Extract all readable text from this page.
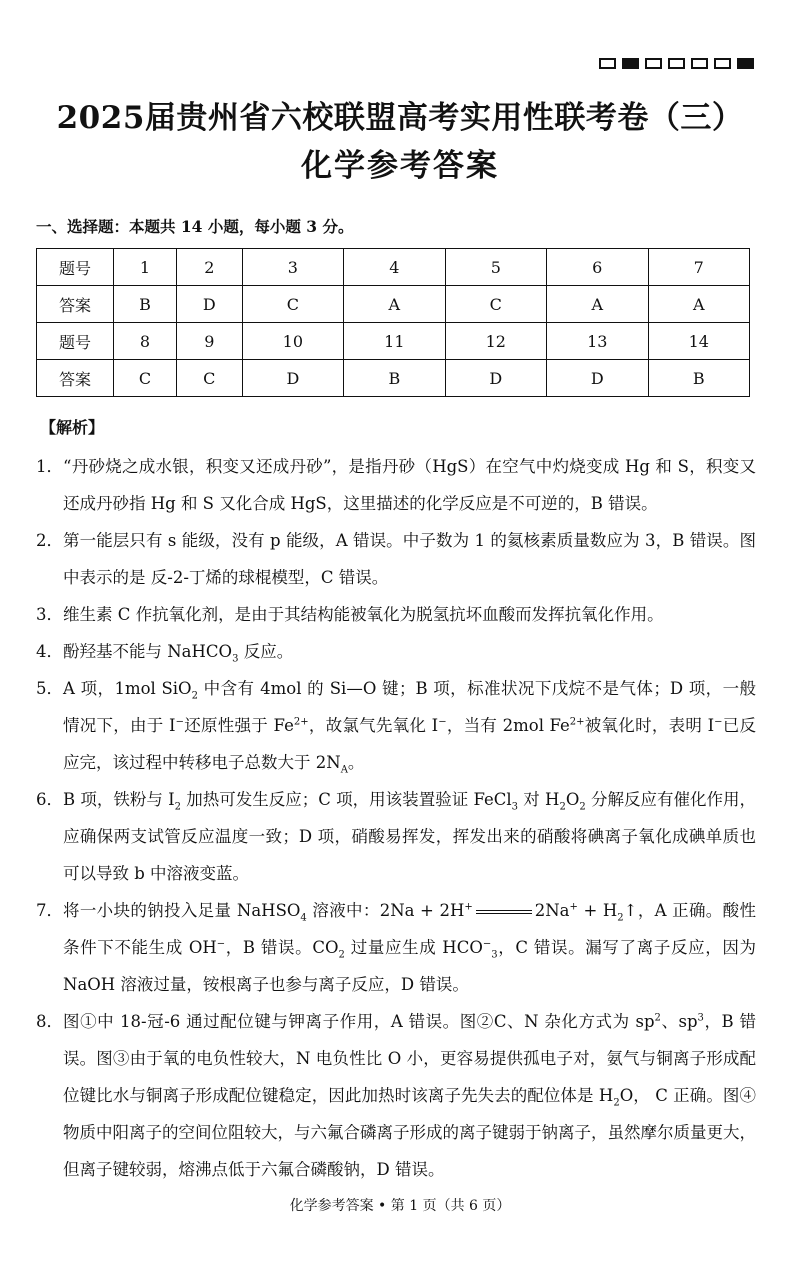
2025届贵州省六校联盟高考实用性联考卷（三）
化学参考答案
一、选择题：本题共 14 小题，每小题 3 分。
题号	1	2	3	4	5	6	7
答案	B	D	C	A	C	A	A
题号	8	9	10	11	12	13	14
答案	C	C	D	B	D	D	B
【解析】
1． “丹砂烧之成水银，积变又还成丹砂”，是指丹砂（HgS）在空气中灼烧变成 Hg 和 S，积变又还成丹砂指 Hg 和 S 又化合成 HgS，这里描述的化学反应是不可逆的，B 错误。
2． 第一能层只有 s 能级，没有 p 能级，A 错误。中子数为 1 的氦核素质量数应为 3，B 错误。图中表示的是 反-2-丁烯的球棍模型，C 错误。
3． 维生素 C 作抗氧化剂，是由于其结构能被氧化为脱氢抗坏血酸而发挥抗氧化作用。
4． 酚羟基不能与 NaHCO$_3$ 反应。
5． A 项，1mol SiO$_2$ 中含有 4mol 的 Si—O 键；B 项，标准状况下戊烷不是气体；D 项，一般情况下，由于 I−还原性强于 $Fe^{2+}$，故氯气先氧化 I−，当有 2mol $Fe^{2+}$被氧化时，表明 I−已反应完，该过程中转移电子总数大于 $2N_A$。
6． B 项，铁粉与 $I_2$ 加热可发生反应；C 项，用该装置验证 FeCl$_3$ 对 $H_2O_2$ 分解反应有催化作用，应确保两支试管反应温度一致；D 项，硝酸易挥发，挥发出来的硝酸将碘离子氧化成碘单质也可以导致 b 中溶液变蓝。
7． 将一小块的钠投入足量 NaHSO$_4$ 溶液中：2Na + 2H+	$2Na^+ + H_2↑$，A 正确。酸性条件下不能生成 OH−，B 错误。$CO_2$ 过量应生成 $HCO^-_3$，C 错误。漏写了离子反应，因为 NaOH 溶液过量，铵根离子也参与离子反应，D 错误。
8． 图①中 18-冠-6 通过配位键与钾离子作用，A 错误。图②C、N 杂化方式为 $sp^2$、$sp^3$，B 错误。图③由于氧的电负性较大，N 电负性比 O 小，更容易提供孤电子对，氨气与铜离子形成配位键比水与铜离子形成配位键稳定，因此加热时该离子先失去的配位体是 $H_2O$， C 正确。图④物质中阳离子的空间位阻较大，与六氟合磷离子形成的离子键弱于钠离子，虽然摩尔质量更大，但离子键较弱，熔沸点低于六氟合磷酸钠，D 错误。
化学参考答案 • 第 1 页（共 6 页）
